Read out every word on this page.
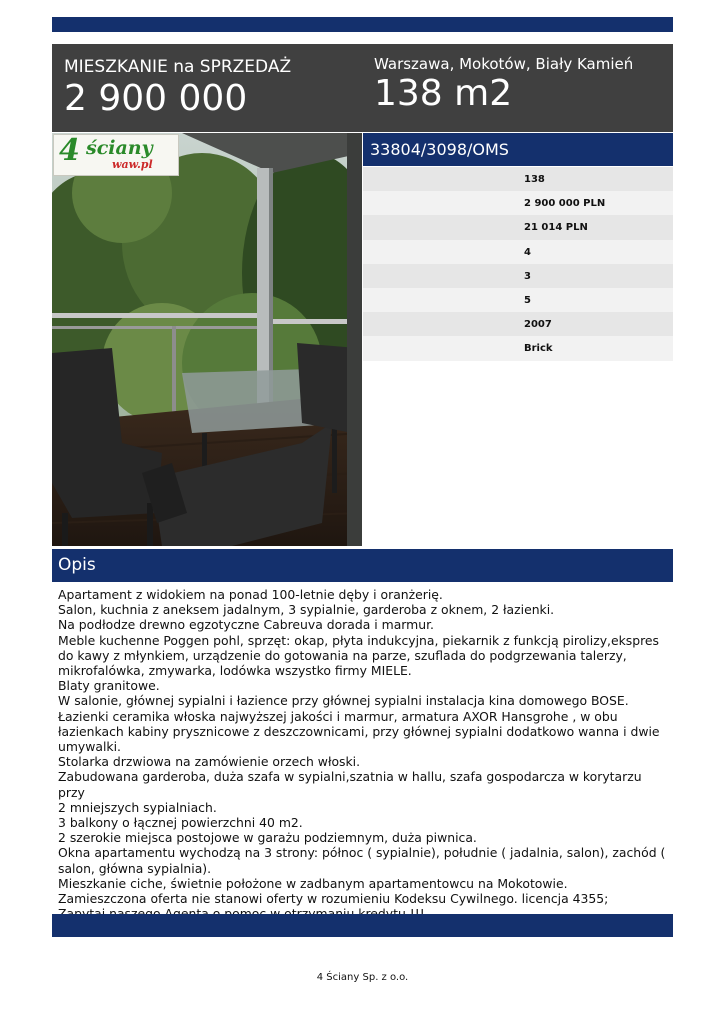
MIESZKANIE na SPRZEDAŻ
2 900 000
Warszawa, Mokotów, Biały Kamień
138 m2
4 ściany
waw.pl
33804/3098/OMS
138
2 900 000 PLN
21 014 PLN
4
3
5
2007
Brick
Opis

Apartament z widokiem na ponad 100-letnie dęby i oranżerię.

Salon, kuchnia z aneksem jadalnym, 3 sypialnie, garderoba z oknem, 2 łazienki.

Na podłodze drewno egzotyczne Cabreuva dorada i marmur.

Meble kuchenne Poggen pohl, sprzęt: okap, płyta indukcyjna, piekarnik z funkcją pirolizy,ekspres

do kawy z młynkiem, urządzenie do gotowania na parze, szuflada do podgrzewania talerzy,

mikrofalówka, zmywarka, lodówka wszystko firmy MIELE.

Blaty granitowe.

W salonie, głównej sypialni i łazience przy głównej sypialni instalacja kina domowego BOSE.

Łazienki ceramika włoska najwyższej jakości i marmur, armatura AXOR Hansgrohe , w obu

łazienkach kabiny prysznicowe z deszczownicami, przy głównej sypialni dodatkowo wanna i dwie

umywalki.

Stolarka drzwiowa na zamówienie orzech włoski.

Zabudowana garderoba, duża szafa w sypialni,szatnia w hallu, szafa gospodarcza w korytarzu przy

2 mniejszych sypialniach.

3 balkony o łącznej powierzchni 40 m2.

2 szerokie miejsca postojowe w garażu podziemnym, duża piwnica.

Okna apartamentu wychodzą na 3 strony: północ ( sypialnie), południe ( jadalnia, salon), zachód (

salon, główna sypialnia).

Mieszkanie ciche, świetnie położone w zadbanym apartamentowcu na Mokotowie.

Zamieszczona oferta nie stanowi oferty w rozumieniu Kodeksu Cywilnego. licencja 4355;

4 Ściany Sp. z o.o.
